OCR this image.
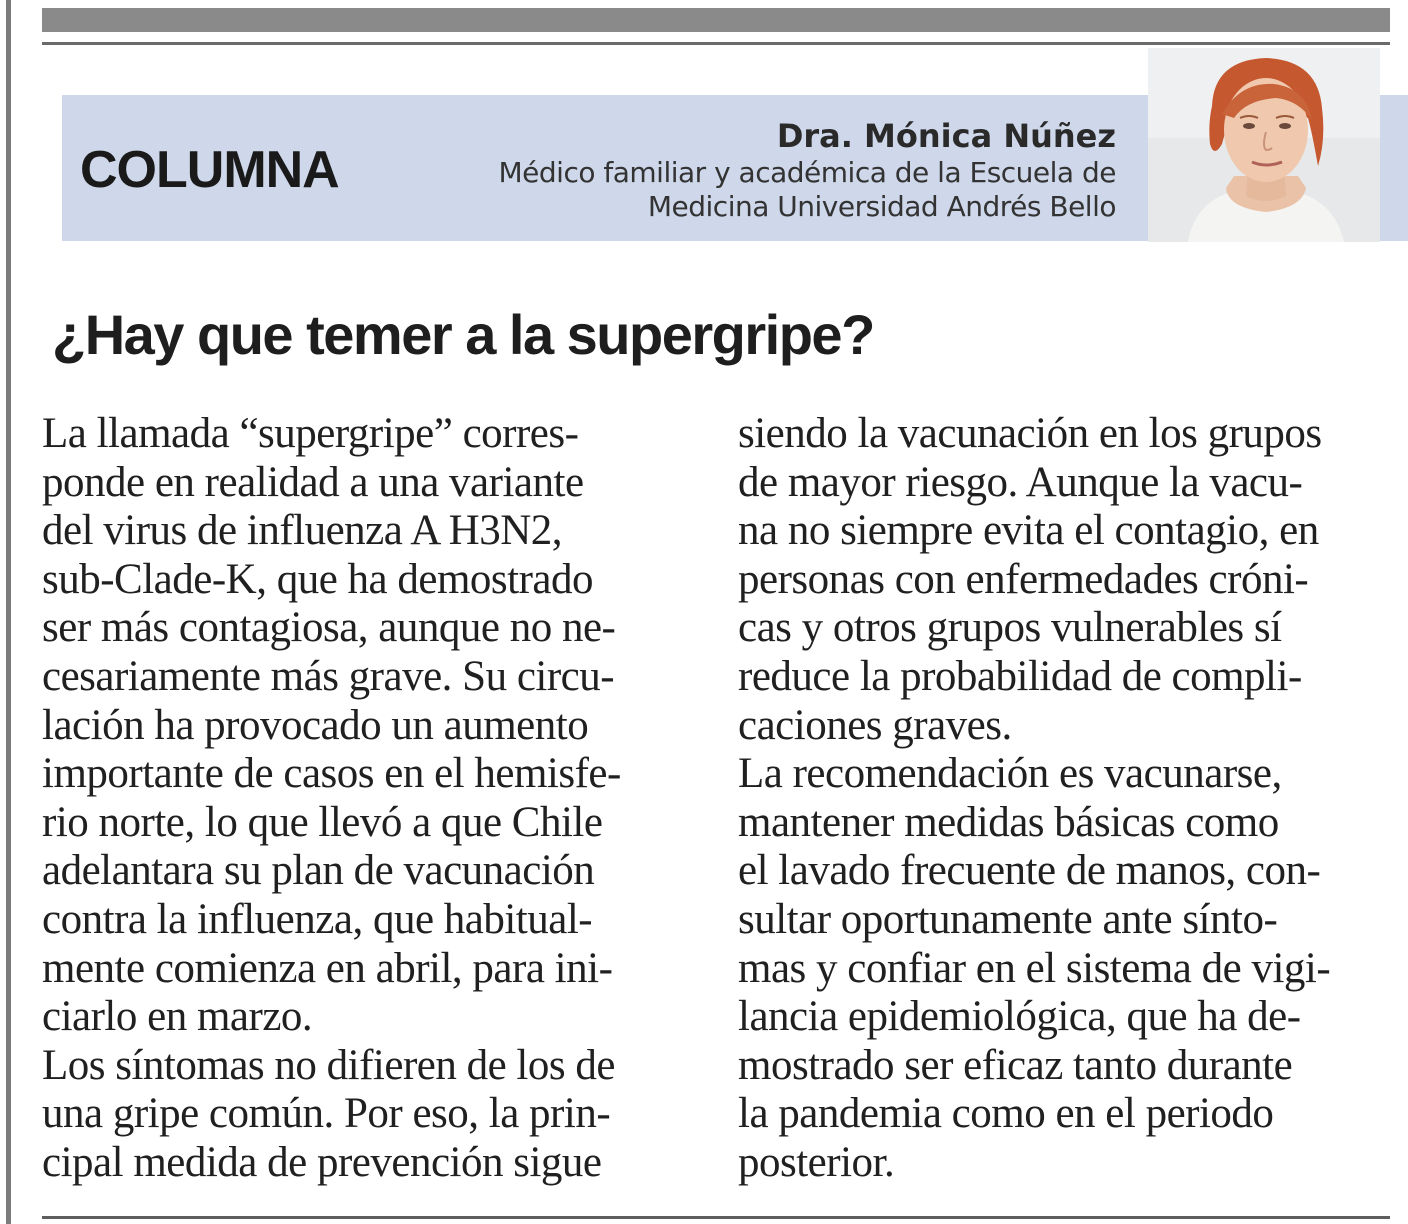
COLUMNA
Dra. Mónica Núñez
Médico familiar y académica de la Escuela de
Medicina Universidad Andrés Bello
¿Hay que temer a la supergripe?
La llamada “supergripe” corres-
ponde en realidad a una variante
del virus de influenza A H3N2,
sub-Clade-K, que ha demostrado
ser más contagiosa, aunque no ne-
cesariamente más grave. Su circu-
lación ha provocado un aumento
importante de casos en el hemisfe-
rio norte, lo que llevó a que Chile
adelantara su plan de vacunación
contra la influenza, que habitual-
mente comienza en abril, para ini-
ciarlo en marzo.
Los síntomas no difieren de los de
una gripe común. Por eso, la prin-
cipal medida de prevención sigue
siendo la vacunación en los grupos
de mayor riesgo. Aunque la vacu-
na no siempre evita el contagio, en
personas con enfermedades cróni-
cas y otros grupos vulnerables sí
reduce la probabilidad de compli-
caciones graves.
La recomendación es vacunarse,
mantener medidas básicas como
el lavado frecuente de manos, con-
sultar oportunamente ante sínto-
mas y confiar en el sistema de vigi-
lancia epidemiológica, que ha de-
mostrado ser eficaz tanto durante
la pandemia como en el periodo
posterior.
